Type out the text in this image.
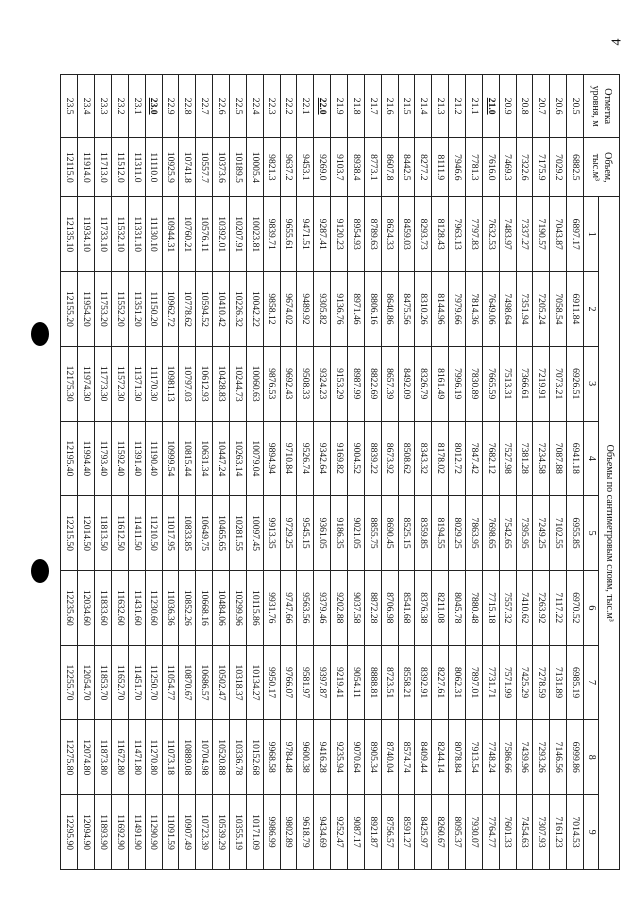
4
Отметка уровня, м	Объем, тыс.м³	Объемы по сантиметровым слоям, тыс.м³								
		1	2	3	4	5	6	7	8	9
20.5	6882.5	6897.17	6911.84	6926.51	6941.18	6955.85	6970.52	6985.19	6999.86	7014.53
20.6	7029.2	7043.87	7058.54	7073.21	7087.88	7102.55	7117.22	7131.89	7146.56	7161.23
20.7	7175.9	7190.57	7205.24	7219.91	7234.58	7249.25	7263.92	7278.59	7293.26	7307.93
20.8	7322.6	7337.27	7351.94	7366.61	7381.28	7395.95	7410.62	7425.29	7439.96	7454.63
20.9	7469.3	7483.97	7498.64	7513.31	7527.98	7542.65	7557.32	7571.99	7586.66	7601.33
21.0	7616.0	7632.53	7649.06	7665.59	7682.12	7698.65	7715.18	7731.71	7748.24	7764.77
21.1	7781.3	7797.83	7814.36	7830.89	7847.42	7863.95	7880.48	7897.01	7913.54	7930.07
21.2	7946.6	7963.13	7979.66	7996.19	8012.72	8029.25	8045.78	8062.31	8078.84	8095.37
21.3	8111.9	8128.43	8144.96	8161.49	8178.02	8194.55	8211.08	8227.61	8244.14	8260.67
21.4	8277.2	8293.73	8310.26	8326.79	8343.32	8359.85	8376.38	8392.91	8409.44	8425.97
21.5	8442.5	8459.03	8475.56	8492.09	8508.62	8525.15	8541.68	8558.21	8574.74	8591.27
21.6	8607.8	8624.33	8640.86	8657.39	8673.92	8690.45	8706.98	8723.51	8740.04	8756.57
21.7	8773.1	8789.63	8806.16	8822.69	8839.22	8855.75	8872.28	8888.81	8905.34	8921.87
21.8	8938.4	8954.93	8971.46	8987.99	9004.52	9021.05	9037.58	9054.11	9070.64	9087.17
21.9	9103.7	9120.23	9136.76	9153.29	9169.82	9186.35	9202.88	9219.41	9235.94	9252.47
22.0	9269.0	9287.41	9305.82	9324.23	9342.64	9361.05	9379.46	9397.87	9416.28	9434.69
22.1	9453.1	9471.51	9489.92	9508.33	9526.74	9545.15	9563.56	9581.97	9600.38	9618.79
22.2	9637.2	9655.61	9674.02	9692.43	9710.84	9729.25	9747.66	9766.07	9784.48	9802.89
22.3	9821.3	9839.71	9858.12	9876.53	9894.94	9913.35	9931.76	9950.17	9968.58	9986.99
22.4	10005.4	10023.81	10042.22	10060.63	10079.04	10097.45	10115.86	10134.27	10152.68	10171.09
22.5	10189.5	10207.91	10226.32	10244.73	10263.14	10281.55	10299.96	10318.37	10336.78	10355.19
22.6	10373.6	10392.01	10410.42	10428.83	10447.24	10465.65	10484.06	10502.47	10520.88	10539.29
22.7	10557.7	10576.11	10594.52	10612.93	10631.34	10649.75	10668.16	10686.57	10704.98	10723.39
22.8	10741.8	10760.21	10778.62	10797.03	10815.44	10833.85	10852.26	10870.67	10889.08	10907.49
22.9	10925.9	10944.31	10962.72	10981.13	10999.54	11017.95	11036.36	11054.77	11073.18	11091.59
23.0	11110.0	11130.10	11150.20	11170.30	11190.40	11210.50	11230.60	11250.70	11270.80	11290.90
23.1	11311.0	11331.10	11351.20	11371.30	11391.40	11411.50	11431.60	11451.70	11471.80	11491.90
23.2	11512.0	11532.10	11552.20	11572.30	11592.40	11612.50	11632.60	11652.70	11672.80	11692.90
23.3	11713.0	11733.10	11753.20	11773.30	11793.40	11813.50	11833.60	11853.70	11873.80	11893.90
23.4	11914.0	11934.10	11954.20	11974.30	11994.40	12014.50	12034.60	12054.70	12074.80	12094.90
23.5	12115.0	12135.10	12155.20	12175.30	12195.40	12215.50	12235.60	12255.70	12275.80	12295.90
